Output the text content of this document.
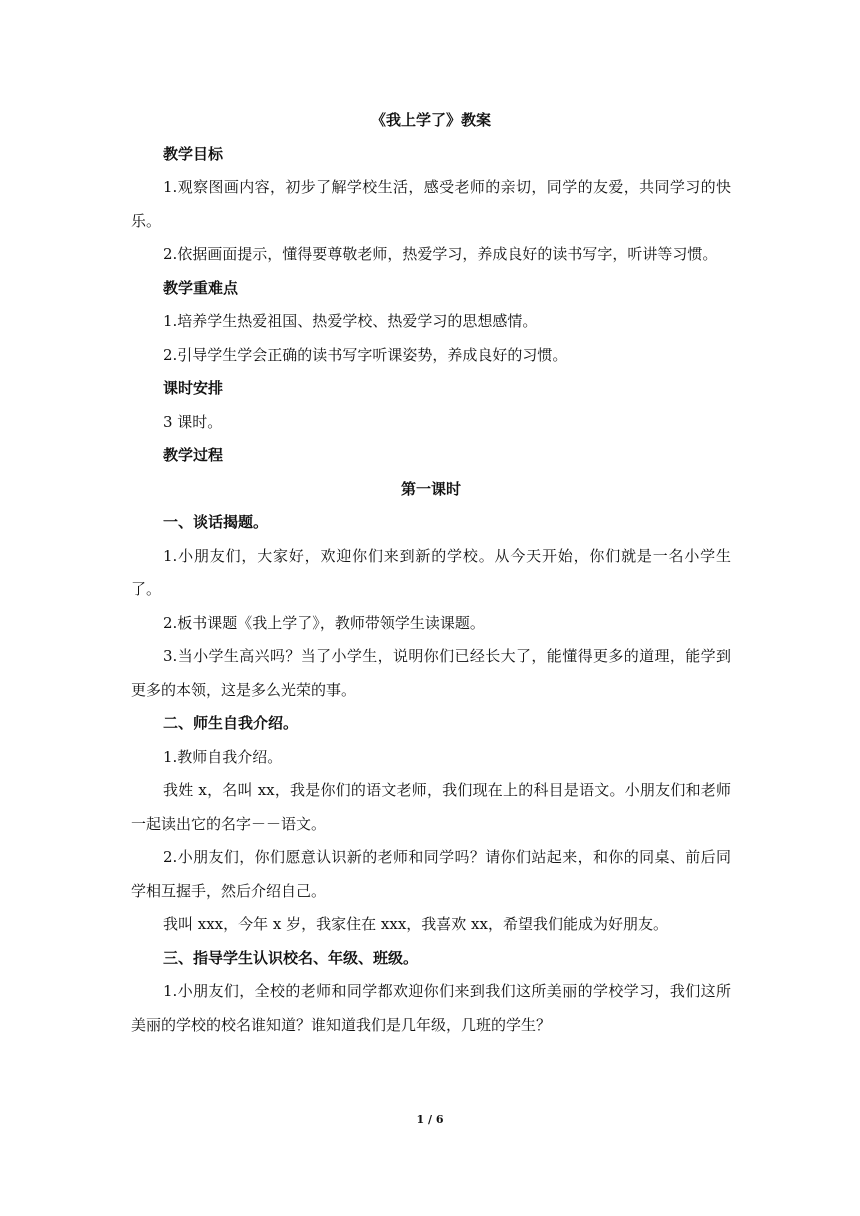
《我上学了》教案

教学目标

1.观察图画内容，初步了解学校生活，感受老师的亲切，同学的友爱，共同学习的快乐。

2.依据画面提示，懂得要尊敬老师，热爱学习，养成良好的读书写字，听讲等习惯。

教学重难点

1.培养学生热爱祖国、热爱学校、热爱学习的思想感情。

2.引导学生学会正确的读书写字听课姿势，养成良好的习惯。

课时安排

3 课时。

教学过程

第一课时

一、谈话揭题。

1.小朋友们，大家好，欢迎你们来到新的学校。从今天开始，你们就是一名小学生了。

2.板书课题《我上学了》，教师带领学生读课题。

3.当小学生高兴吗？当了小学生，说明你们已经长大了，能懂得更多的道理，能学到更多的本领，这是多么光荣的事。

二、师生自我介绍。

1.教师自我介绍。

我姓 x，名叫 xx，我是你们的语文老师，我们现在上的科目是语文。小朋友们和老师一起读出它的名字－－语文。

2.小朋友们，你们愿意认识新的老师和同学吗？请你们站起来，和你的同桌、前后同学相互握手，然后介绍自己。

我叫 xxx，今年 x 岁，我家住在 xxx，我喜欢 xx，希望我们能成为好朋友。

三、指导学生认识校名、年级、班级。

1.小朋友们，全校的老师和同学都欢迎你们来到我们这所美丽的学校学习，我们这所美丽的学校的校名谁知道？谁知道我们是几年级，几班的学生？

1 / 6
